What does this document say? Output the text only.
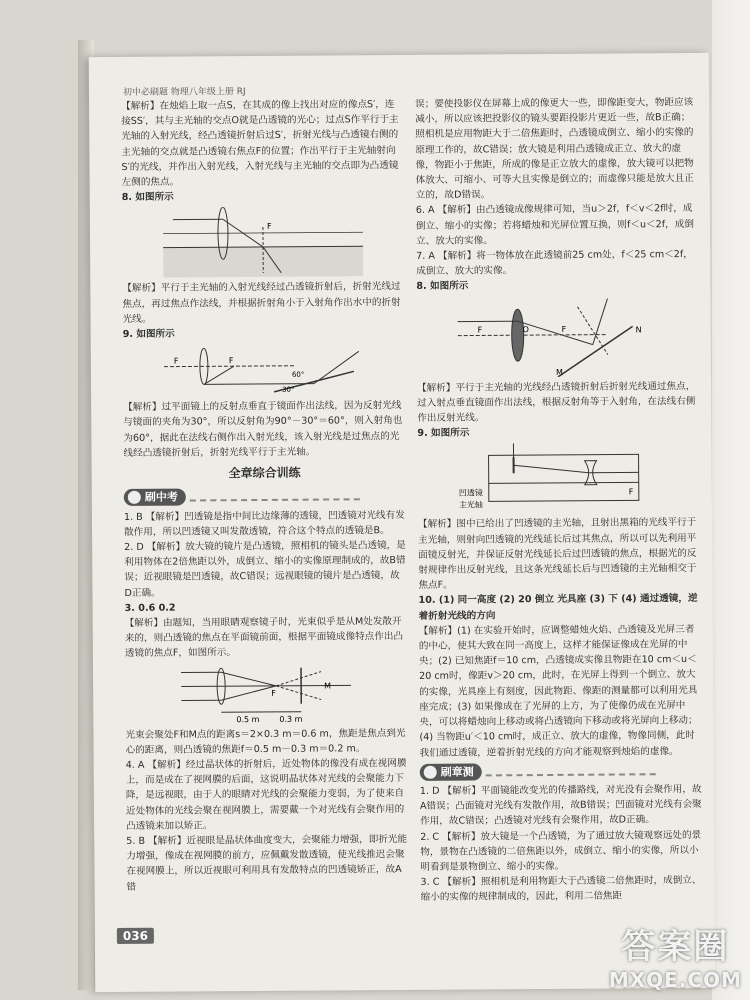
初中必刷题 物理八年级上册 RJ

【解析】在烛焰上取一点S，在其成的像上找出对应的像点S′，连接SS′，其与主光轴的交点O就是凸透镜的光心；过点S作平行于主光轴的入射光线，经凸透镜折射后过S′，折射光线与凸透镜右侧的主光轴的交点就是凸透镜右焦点F的位置；作出平行于主光轴射向S′的光线，并作出入射光线，入射光线与主光轴的交点即为凸透镜左侧的焦点。

8. 如图所示

F

【解析】平行于主光轴的入射光线经过凸透镜折射后，折射光线过焦点，再过焦点作法线，并根据折射角小于入射角作出水中的折射光线。

9. 如图所示

F	F
60°
30°

【解析】过平面镜上的反射点垂直于镜面作出法线，因为反射光线与镜面的夹角为30°，所以反射角为90°－30°＝60°，则入射角也为60°，据此在法线右侧作出入射光线，该入射光线是过焦点的光线经凸透镜折射后，折射光线平行于主光轴。

全章综合训练
刷中考

1. B 【解析】凹透镜是指中间比边缘薄的透镜，凹透镜对光线有发散作用，所以凹透镜又叫发散透镜，符合这个特点的透镜是B。

2. D 【解析】放大镜的镜片是凸透镜，照相机的镜头是凸透镜，是利用物体在2倍焦距以外，成倒立、缩小的实像原理制成的，故B错误；近视眼镜是凹透镜，故C错误；远视眼镜的镜片是凸透镜，故D正确。

3. 0.6 0.2

【解析】由题知，当用眼睛观察镜子时，光束似乎是从M处发散开来的，则凸透镜的焦点在平面镜前面，根据平面镜成像特点作出凸透镜的焦点F，如图所示。

F
M
0.5 m 0.3 m

光束会聚处F和M点的距离s＝2×0.3 m＝0.6 m，焦距是焦点到光心的距离，则凸透镜的焦距f＝0.5 m－0.3 m＝0.2 m。

4. A 【解析】经过晶状体的折射后，近处物体的像没有成在视网膜上，而是成在了视网膜的后面，这说明晶状体对光线的会聚能力下降，是远视眼，由于人的眼睛对光线的会聚能力变弱，为了使来自近处物体的光线会聚在视网膜上，需要戴一个对光线有会聚作用的凸透镜来加以矫正。

5. B 【解析】近视眼是晶状体曲度变大，会聚能力增强，即折光能力增强，像成在视网膜的前方，应佩戴发散透镜，使光线推迟会聚在视网膜上，所以近视眼可利用具有发散特点的凹透镜矫正，故A错

误；要使投影仪在屏幕上成的像更大一些，即像距变大，物距应该减小，所以应该把投影仪的镜头要距投影片更近一些，故B正确；照相机是应用物距大于二倍焦距时，凸透镜成倒立、缩小的实像的原理工作的，故C错误；放大镜是利用凸透镜成正立、放大的虚像，物距小于焦距，所成的像是正立放大的虚像，放大镜可以把物体放大、可缩小、可等大且实像是倒立的；而虚像只能是放大且正立的，故D错误。

6. A 【解析】由凸透镜成像规律可知，当u＞2f，f＜v＜2f时，成倒立、缩小的实像；若将蜡烛和光屏位置互换，则f＜u＜2f，成倒立、放大的实像。

7. A 【解析】将一物体放在此透镜前25 cm处，f＜25 cm＜2f，成倒立、放大的实像。

8. 如图所示

F	O	F	N
M

【解析】平行于主光轴的光线经凸透镜折射后折射光线通过焦点，过入射点垂直镜面作出法线，根据反射角等于入射角，在法线右侧作出反射光线。

9. 如图所示

F
凹透镜
主光轴

【解析】图中已给出了凹透镜的主光轴，且射出黑箱的光线平行于主光轴，则射向凹透镜的光线延长后过其焦点，所以可以先利用平面镜反射光，并保证反射光线延长后过凹透镜的焦点，根据光的反射规律作出反射光线，且这条光线延长后与凹透镜的主光轴相交于焦点F。

10. (1) 同一高度 (2) 20 倒立 光具座 (3) 下 (4) 通过透镜，逆着折射光线的方向

【解析】(1) 在实验开始时，应调整蜡烛火焰、凸透镜及光屏三者的中心，使其大致在同一高度上，这样才能保证像成在光屏的中央；(2) 已知焦距f＝10 cm，凸透镜成实像且物距在10 cm＜u＜20 cm时，像距v＞20 cm，此时，在光屏上得到一个倒立、放大的实像，光具座上有刻度，因此物距、像距的测量都可以利用光具座完成；(3) 如果像成在了光屏的上方，为了使像仍成在光屏中央，可以将蜡烛向上移动或将凸透镜向下移动或将光屏向上移动；(4) 当物距u′＜10 cm时，成正立、放大的虚像，物像同侧，此时我们通过透镜，逆着折射光线的方向才能观察到烛焰的虚像。

刷章测

1. D 【解析】平面镜能改变光的传播路线，对光没有会聚作用，故A错误；凸面镜对光线有发散作用，故B错误；凹面镜对光线有会聚作用，故C错误；凸透镜对光线有会聚作用，故D正确。

2. C 【解析】放大镜是一个凸透镜，为了通过放大镜观察远处的景物，景物在凸透镜的二倍焦距以外，成倒立、缩小的实像，所以小明看到是景物倒立、缩小的实像。

3. C 【解析】照相机是利用物距大于凸透镜二倍焦距时，成倒立、缩小的实像的规律制成的，因此，利用二倍焦距

036	答案圈
MXQE.COM
